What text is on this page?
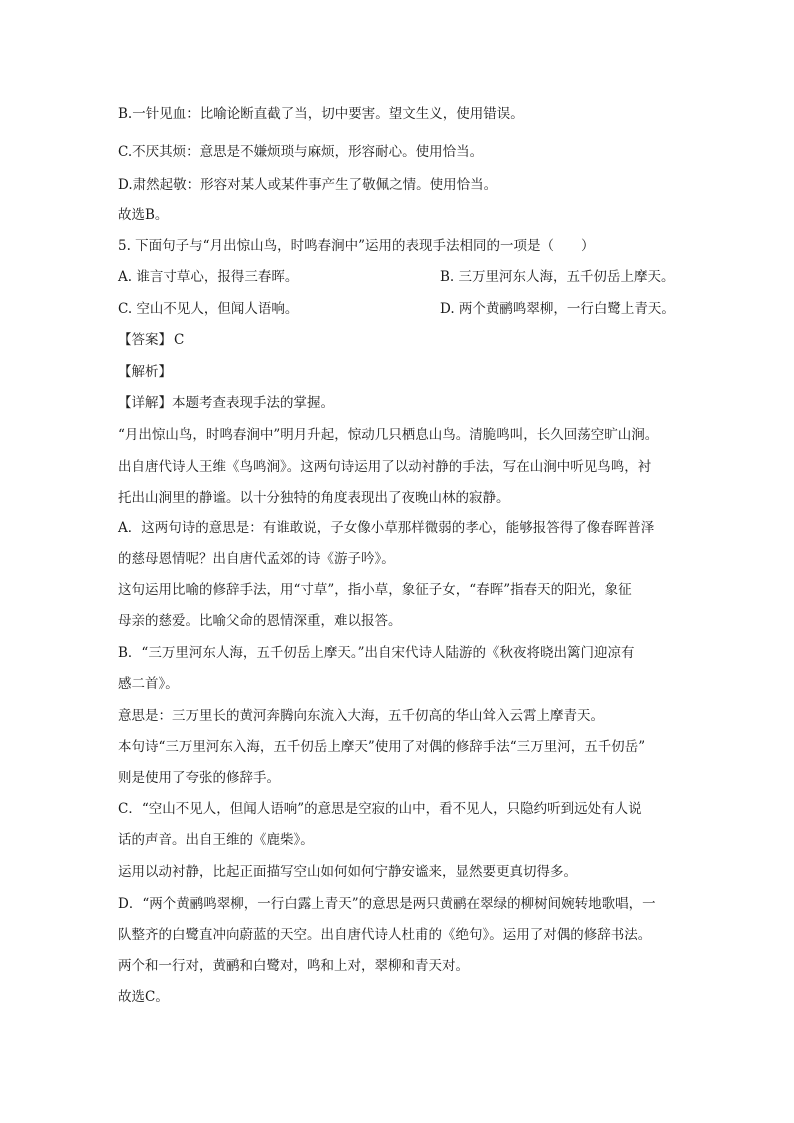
B.一针见血：比喻论断直截了当，切中要害。望文生义，使用错误。
C.不厌其烦：意思是不嫌烦琐与麻烦，形容耐心。使用恰当。
D.肃然起敬：形容对某人或某件事产生了敬佩之情。使用恰当。
故选B。
5. 下面句子与“月出惊山鸟，时鸣春涧中”运用的表现手法相同的一项是（　　）
A. 谁言寸草心，报得三春晖。	B. 三万里河东人海，五千仞岳上摩天。
C. 空山不见人，但闻人语响。	D. 两个黄鹂鸣翠柳，一行白鹭上青天。
【答案】 C
【解析】
【详解】本题考查表现手法的掌握。
“月出惊山鸟，时鸣春涧中”明月升起，惊动几只栖息山鸟。清脆鸣叫，长久回荡空旷山涧。
出自唐代诗人王维《鸟鸣涧》。这两句诗运用了以动衬静的手法，写在山涧中听见鸟鸣，衬
托出山涧里的静谧。以十分独特的角度表现出了夜晚山林的寂静。
A．这两句诗的意思是：有谁敢说，子女像小草那样微弱的孝心，能够报答得了像春晖普泽
的慈母恩情呢？出自唐代孟郊的诗《游子吟》。
这句运用比喻的修辞手法，用“寸草”，指小草，象征子女，“春晖”指春天的阳光，象征
母亲的慈爱。比喻父命的恩情深重，难以报答。
B．“三万里河东人海，五千仞岳上摩天。”出自宋代诗人陆游的《秋夜将晓出篱门迎凉有
感二首》。
意思是：三万里长的黄河奔腾向东流入大海，五千仞高的华山耸入云霄上摩青天。
本句诗“三万里河东入海，五千仞岳上摩天”使用了对偶的修辞手法“三万里河，五千仞岳”
则是使用了夸张的修辞手。
C．“空山不见人，但闻人语响”的意思是空寂的山中，看不见人，只隐约听到远处有人说
话的声音。出自王维的《鹿柴》。
运用以动衬静，比起正面描写空山如何如何宁静安谧来，显然要更真切得多。
D．“两个黄鹂鸣翠柳，一行白露上青天”的意思是两只黄鹂在翠绿的柳树间婉转地歌唱，一
队整齐的白鹭直冲向蔚蓝的天空。出自唐代诗人杜甫的《绝句》。运用了对偶的修辞书法。
两个和一行对，黄鹂和白鹭对，鸣和上对，翠柳和青天对。
故选C。
